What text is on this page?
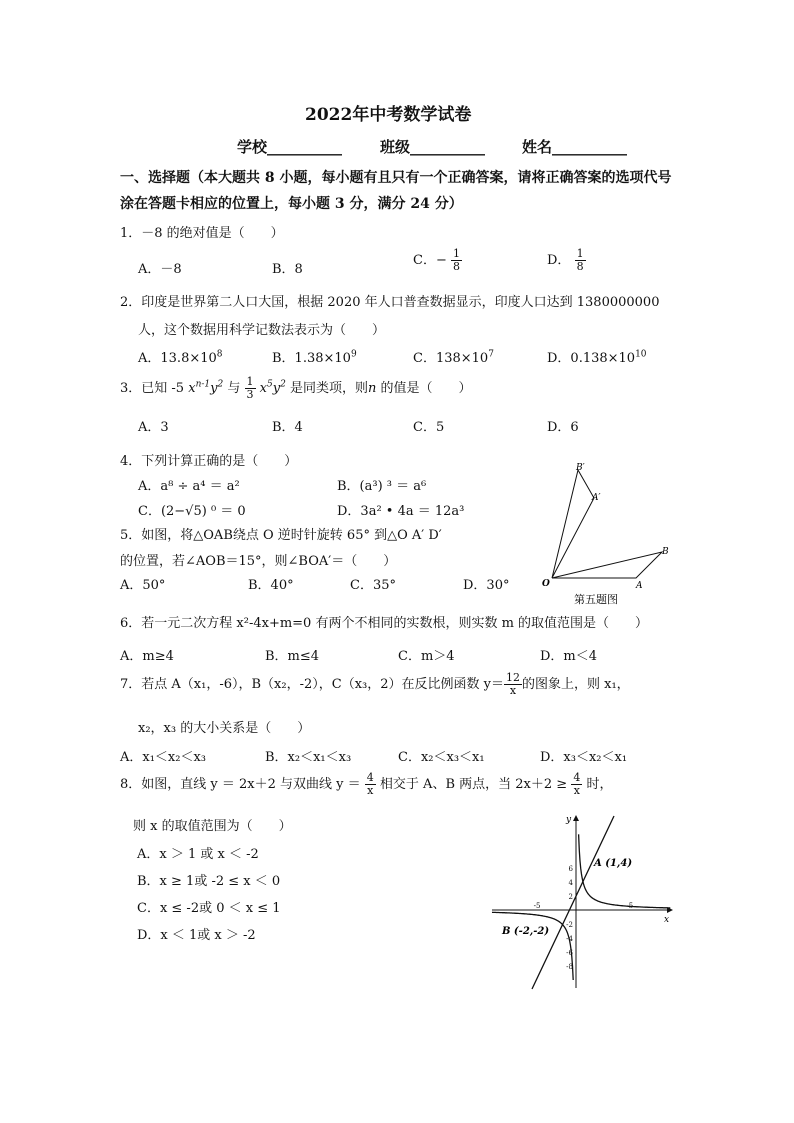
2022年中考数学试卷
学校__________	班级__________ 姓名__________
一、选择题（本大题共 8 小题，每小题有且只有一个正确答案，请将正确答案的选项代号
涂在答题卡相应的位置上，每小题 3 分，满分 24 分）
1．－8 的绝对值是（　　）
A．－8	B．8
C．− $\frac{1}{8}$	D． $\frac{1}{8}$
2．印度是世界第二人口大国，根据 2020 年人口普查数据显示，印度人口达到 1380000000
人，这个数据用科学记数法表示为（　　）
A．$13.8\times 10^8$	B．$1.38\times 10^9$	C．$138\times 10^7$	D．$0.138\times 10^{10}$
3．已知 -5 $x^{n-1}y^2$ 与 $\frac{1}{3} x^5y^2$ 是同类项，则n 的值是（　　）
A．3	B．4	C．5	D．6
4．下列计算正确的是（　　）
A．a⁸ ÷ a⁴ ＝ a²	B．(a³) ³ ＝ a⁶
C．(2−√5) ⁰ ＝ 0	D．3a² • 4a ＝ 12a³
5．如图，将△OAB绕点 O 逆时针旋转 65° 到△O A′ D′
的位置，若∠AOB＝15°，则∠BOA′＝（　　）
A．50°	B．40°	C．35°	D．30°	O	A
B
A′
B′
第五题图
6．若一元二次方程 x²-4x+m=0 有两个不相同的实数根，则实数 m 的取值范围是（　　）
A．m≥4	B．m≤4	C．m＞4	D．m＜4
7．若点 A（x₁，-6），B（x₂，-2），C（x₃，2）在反比例函数 $y= \frac{12}{x}$ 的图象上，则 x₁，
x₂，x₃ 的大小关系是（　　）
A．x₁＜x₂＜x₃	B．x₂＜x₁＜x₃	C．x₂＜x₃＜x₁	D．x₃＜x₂＜x₁
8．如图，直线 y ＝ 2x＋2 与双曲线 $y = \frac{4}{x}$ 相交于 A、B 两点，当 $2x+2 \ge \frac{4}{x}$ 时，
则 x 的取值范围为（　　）
A．x ＞ 1 或 x ＜ -2
B．x ≥ 1或 -2 ≤ x ＜ 0
C．x ≤ -2或 0 ＜ x ≤ 1
D．x ＜ 1或 x ＞ -2
x
y
6
4
2
-2
-4
-6
-8
-5	5
A (1,4)
B (-2,-2)
